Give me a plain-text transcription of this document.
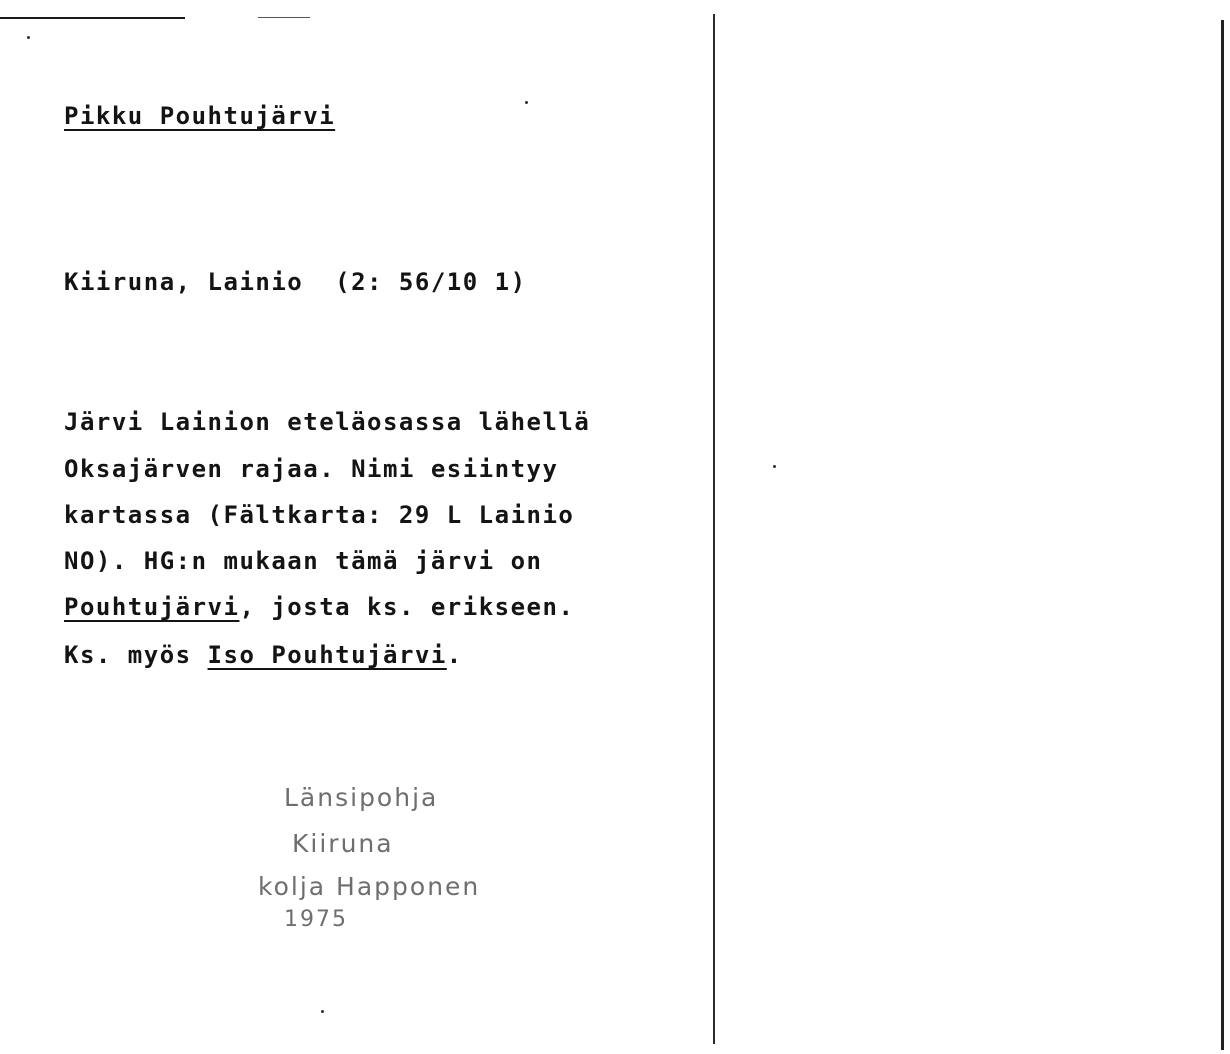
Pikku Pouhtujärvi
Kiiruna, Lainio  (2: 56/10 1)
Järvi Lainion eteläosassa lähellä
Oksajärven rajaa. Nimi esiintyy
kartassa (Fältkarta: 29 L Lainio
NO). HG:n mukaan tämä järvi on
Pouhtujärvi, josta ks. erikseen.
Ks. myös Iso Pouhtujärvi.
Länsipohja
Kiiruna
kolja Happonen
1975
